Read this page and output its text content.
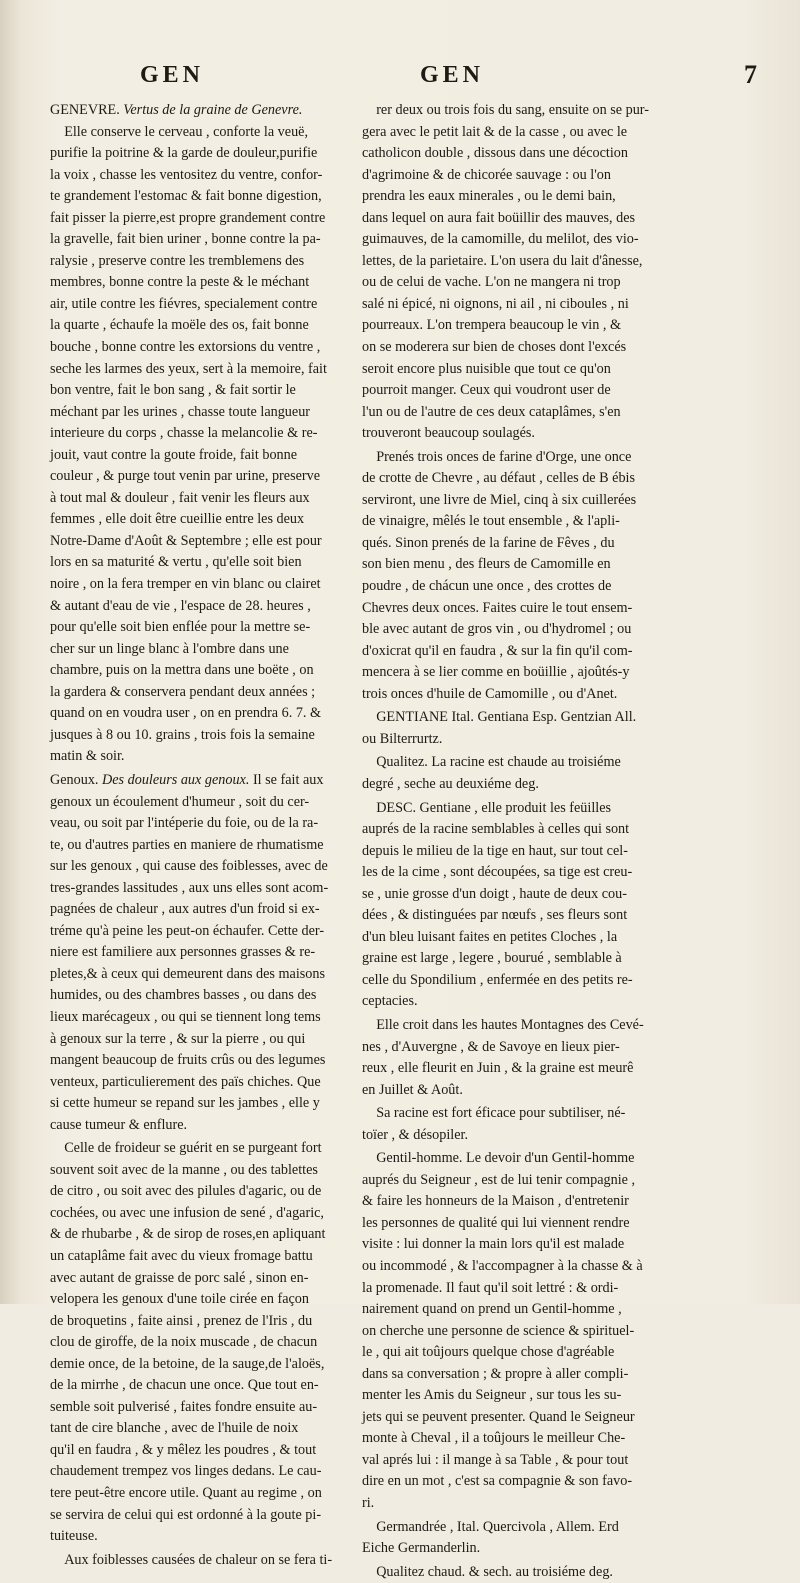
GEN	GEN	7

GENEVRE. Vertus de la graine de Genevre.
 Elle conserve le cerveau , conforte la veuë,
purifie la poitrine & la garde de douleur,purifie
la voix , chasse les ventositez du ventre, confor-
te grandement l'estomac & fait bonne digestion,
fait pisser la pierre,est propre grandement contre
la gravelle, fait bien uriner , bonne contre la pa-
ralysie , preserve contre les tremblemens des
membres, bonne contre la peste & le méchant
air, utile contre les fiévres, specialement contre
la quarte , échaufe la moële des os, fait bonne
bouche , bonne contre les extorsions du ventre ,
seche les larmes des yeux, sert à la memoire, fait
bon ventre, fait le bon sang , & fait sortir le
méchant par les urines , chasse toute langueur
interieure du corps , chasse la melancolie & re-
jouit, vaut contre la goute froide, fait bonne
couleur , & purge tout venin par urine, preserve
à tout mal & douleur , fait venir les fleurs aux
femmes , elle doit être cueillie entre les deux
Notre-Dame d'Août & Septembre ; elle est pour
lors en sa maturité & vertu , qu'elle soit bien
noire , on la fera tremper en vin blanc ou clairet
& autant d'eau de vie , l'espace de 28. heures ,
pour qu'elle soit bien enflée pour la mettre se-
cher sur un linge blanc à l'ombre dans une
chambre, puis on la mettra dans une boëte , on
la gardera & conservera pendant deux années ;
quand on en voudra user , on en prendra 6. 7. &
jusques à 8 ou 10. grains , trois fois la semaine
matin & soir.

Genoux. Des douleurs aux genoux. Il se fait aux
genoux un écoulement d'humeur , soit du cer-
veau, ou soit par l'intéperie du foie, ou de la ra-
te, ou d'autres parties en maniere de rhumatisme
sur les genoux , qui cause des foiblesses, avec de
tres-grandes lassitudes , aux uns elles sont acom-
pagnées de chaleur , aux autres d'un froid si ex-
tréme qu'à peine les peut-on échaufer. Cette der-
niere est familiere aux personnes grasses & re-
pletes,& à ceux qui demeurent dans des maisons
humides, ou des chambres basses , ou dans des
lieux marécageux , ou qui se tiennent long tems
à genoux sur la terre , & sur la pierre , ou qui
mangent beaucoup de fruits crûs ou des legumes
venteux, particulierement des païs chiches. Que
si cette humeur se repand sur les jambes , elle y
cause tumeur & enflure.

 Celle de froideur se guérit en se purgeant fort
souvent soit avec de la manne , ou des tablettes
de citro , ou soit avec des pilules d'agaric, ou de
cochées, ou avec une infusion de sené , d'agaric,
& de rhubarbe , & de sirop de roses,en apliquant
un cataplâme fait avec du vieux fromage battu
avec autant de graisse de porc salé , sinon en-
velopera les genoux d'une toile cirée en façon
de broquetins , faite ainsi , prenez de l'Iris , du
clou de giroffe, de la noix muscade , de chacun
demie once, de la betoine, de la sauge,de l'aloës,
de la mirrhe , de chacun une once. Que tout en-
semble soit pulverisé , faites fondre ensuite au-
tant de cire blanche , avec de l'huile de noix
qu'il en faudra , & y mêlez les poudres , & tout
chaudement trempez vos linges dedans. Le cau-
tere peut-être encore utile. Quant au regime , on
se servira de celui qui est ordonné à la goute pi-
tuiteuse.

 Aux foiblesses causées de chaleur on se fera ti-

 rer deux ou trois fois du sang, ensuite on se pur-
gera avec le petit lait & de la casse , ou avec le
catholicon double , dissous dans une décoction
d'agrimoine & de chicorée sauvage : ou l'on
prendra les eaux minerales , ou le demi bain,
dans lequel on aura fait boüillir des mauves, des
guimauves, de la camomille, du melilot, des vio-
lettes, de la parietaire. L'on usera du lait d'ânesse,
ou de celui de vache. L'on ne mangera ni trop
salé ni épicé, ni oignons, ni ail , ni ciboules , ni
pourreaux. L'on trempera beaucoup le vin , &
on se moderera sur bien de choses dont l'excés
seroit encore plus nuisible que tout ce qu'on
pourroit manger. Ceux qui voudront user de
l'un ou de l'autre de ces deux cataplâmes, s'en
trouveront beaucoup soulagés.

 Prenés trois onces de farine d'Orge, une once
de crotte de Chevre , au défaut , celles de B ébis
serviront, une livre de Miel, cinq à six cuillerées
de vinaigre, mêlés le tout ensemble , & l'apli-
qués. Sinon prenés de la farine de Fêves , du
son bien menu , des fleurs de Camomille en
poudre , de chácun une once , des crottes de
Chevres deux onces. Faites cuire le tout ensem-
ble avec autant de gros vin , ou d'hydromel ; ou
d'oxicrat qu'il en faudra , & sur la fin qu'il com-
mencera à se lier comme en boüillie , ajoûtés-y
trois onces d'huile de Camomille , ou d'Anet.

 GENTIANE Ital. Gentiana Esp. Gentzian All.
ou Bilterrurtz.

 Qualitez. La racine est chaude au troisiéme
degré , seche au deuxiéme deg.

 DESC. Gentiane , elle produit les feüilles
auprés de la racine semblables à celles qui sont
depuis le milieu de la tige en haut, sur tout cel-
les de la cime , sont découpées, sa tige est creu-
se , unie grosse d'un doigt , haute de deux cou-
dées , & distinguées par nœufs , ses fleurs sont
d'un bleu luisant faites en petites Cloches , la
graine est large , legere , bourué , semblable à
celle du Spondilium , enfermée en des petits re-
ceptacies.

 Elle croit dans les hautes Montagnes des Cevé-
nes , d'Auvergne , & de Savoye en lieux pier-
reux , elle fleurit en Juin , & la graine est meurê
en Juillet & Août.

 Sa racine est fort éficace pour subtiliser, né-
toïer , & désopiler.

 Gentil-homme. Le devoir d'un Gentil-homme
auprés du Seigneur , est de lui tenir compagnie ,
& faire les honneurs de la Maison , d'entretenir
les personnes de qualité qui lui viennent rendre
visite : lui donner la main lors qu'il est malade
ou incommodé , & l'accompagner à la chasse & à
la promenade. Il faut qu'il soit lettré : & ordi-
nairement quand on prend un Gentil-homme ,
on cherche une personne de science & spirituel-
le , qui ait toûjours quelque chose d'agréable
dans sa conversation ; & propre à aller compli-
menter les Amis du Seigneur , sur tous les su-
jets qui se peuvent presenter. Quand le Seigneur
monte à Cheval , il a toûjours le meilleur Che-
val aprés lui : il mange à sa Table , & pour tout
dire en un mot , c'est sa compagnie & son favo-
ri.

 Germandrée , Ital. Quercivola , Allem. Erd
Eiche Germanderlin.

 Qualitez chaud. & sech. au troisiéme deg.
